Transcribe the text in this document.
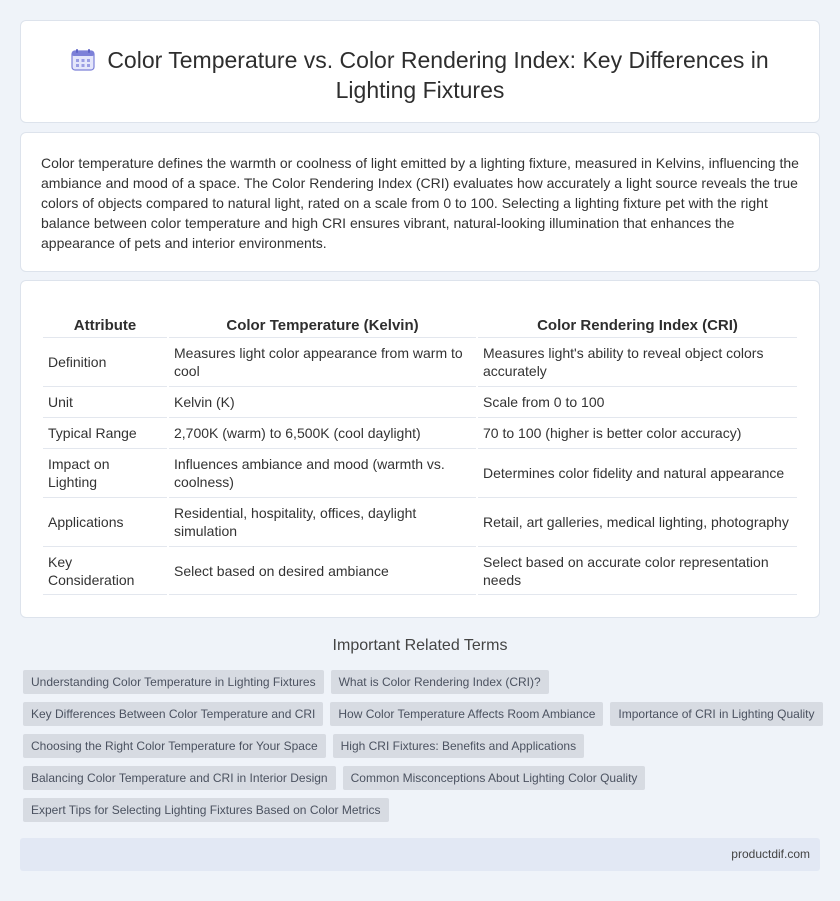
Color Temperature vs. Color Rendering Index: Key Differences in
Lighting Fixtures

Color temperature defines the warmth or coolness of light emitted by a lighting fixture, measured in Kelvins, influencing the ambiance and mood of a space. The Color Rendering Index (CRI) evaluates how accurately a light source reveals the true colors of objects compared to natural light, rated on a scale from 0 to 100. Selecting a lighting fixture pet with the right balance between color temperature and high CRI ensures vibrant, natural-looking illumination that enhances the appearance of pets and interior environments.

Attribute	Color Temperature (Kelvin)	Color Rendering Index (CRI)
Definition	Measures light color appearance from warm to cool	Measures light's ability to reveal object colors accurately
Unit	Kelvin (K)	Scale from 0 to 100
Typical Range	2,700K (warm) to 6,500K (cool daylight)	70 to 100 (higher is better color accuracy)
Impact on Lighting	Influences ambiance and mood (warmth vs. coolness)	Determines color fidelity and natural appearance
Applications	Residential, hospitality, offices, daylight simulation	Retail, art galleries, medical lighting, photography
Key Consideration	Select based on desired ambiance	Select based on accurate color representation needs
Important Related Terms
Understanding Color Temperature in Lighting Fixtures	What is Color Rendering Index (CRI)?
Key Differences Between Color Temperature and CRI	How Color Temperature Affects Room Ambiance	Importance of CRI in Lighting Quality
Choosing the Right Color Temperature for Your Space	High CRI Fixtures: Benefits and Applications
Balancing Color Temperature and CRI in Interior Design	Common Misconceptions About Lighting Color Quality
Expert Tips for Selecting Lighting Fixtures Based on Color Metrics
productdif.com
